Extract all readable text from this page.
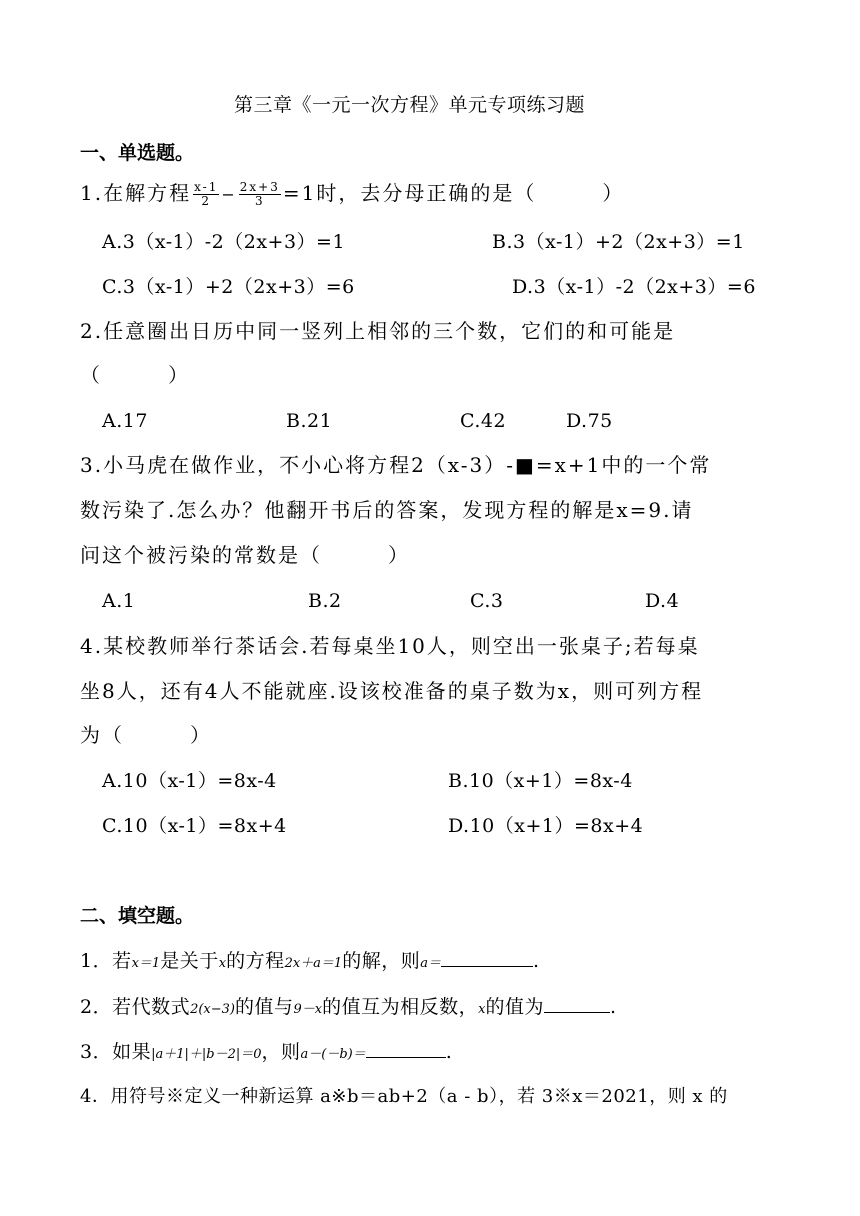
第三章《一元一次方程》单元专项练习题
一、单选题。
1.在解方程 $\frac{x-1}{2} - \frac{2x+3}{3} =1$时，去分母正确的是（　　　）
A.3（x-1）-2（2x+3）=1	B.3（x-1）+2（2x+3）=1
C.3（x-1）+2（2x+3）=6	D.3（x-1）-2（2x+3）=6
2.任意圈出日历中同一竖列上相邻的三个数，它们的和可能是
（　　　）
A.17	B.21	C.42	D.75
3.小马虎在做作业，不小心将方程2（x-3）-■=x+1中的一个常
数污染了.怎么办？他翻开书后的答案，发现方程的解是x=9.请
问这个被污染的常数是（　　　）
A.1	B.2	C.3	D.4
4.某校教师举行茶话会.若每桌坐10人，则空出一张桌子;若每桌
坐8人，还有4人不能就座.设该校准备的桌子数为x，则可列方程
为（　　　）
A.10（x-1）=8x-4	B.10（x+1）=8x-4
C.10（x-1）=8x+4	D.10（x+1）=8x+4
二、填空题。
1．若x＝1是关于x的方程2x＋a＝1的解，则a＝	.
2．若代数式2(x−3)的值与9－x的值互为相反数，x的值为	.
3．如果|a＋1|＋|b－2|＝0，则a－(－b)＝	.
4．用符号※定义一种新运算 a※b＝ab+2（a - b），若 3※x＝2021，则 x 的
